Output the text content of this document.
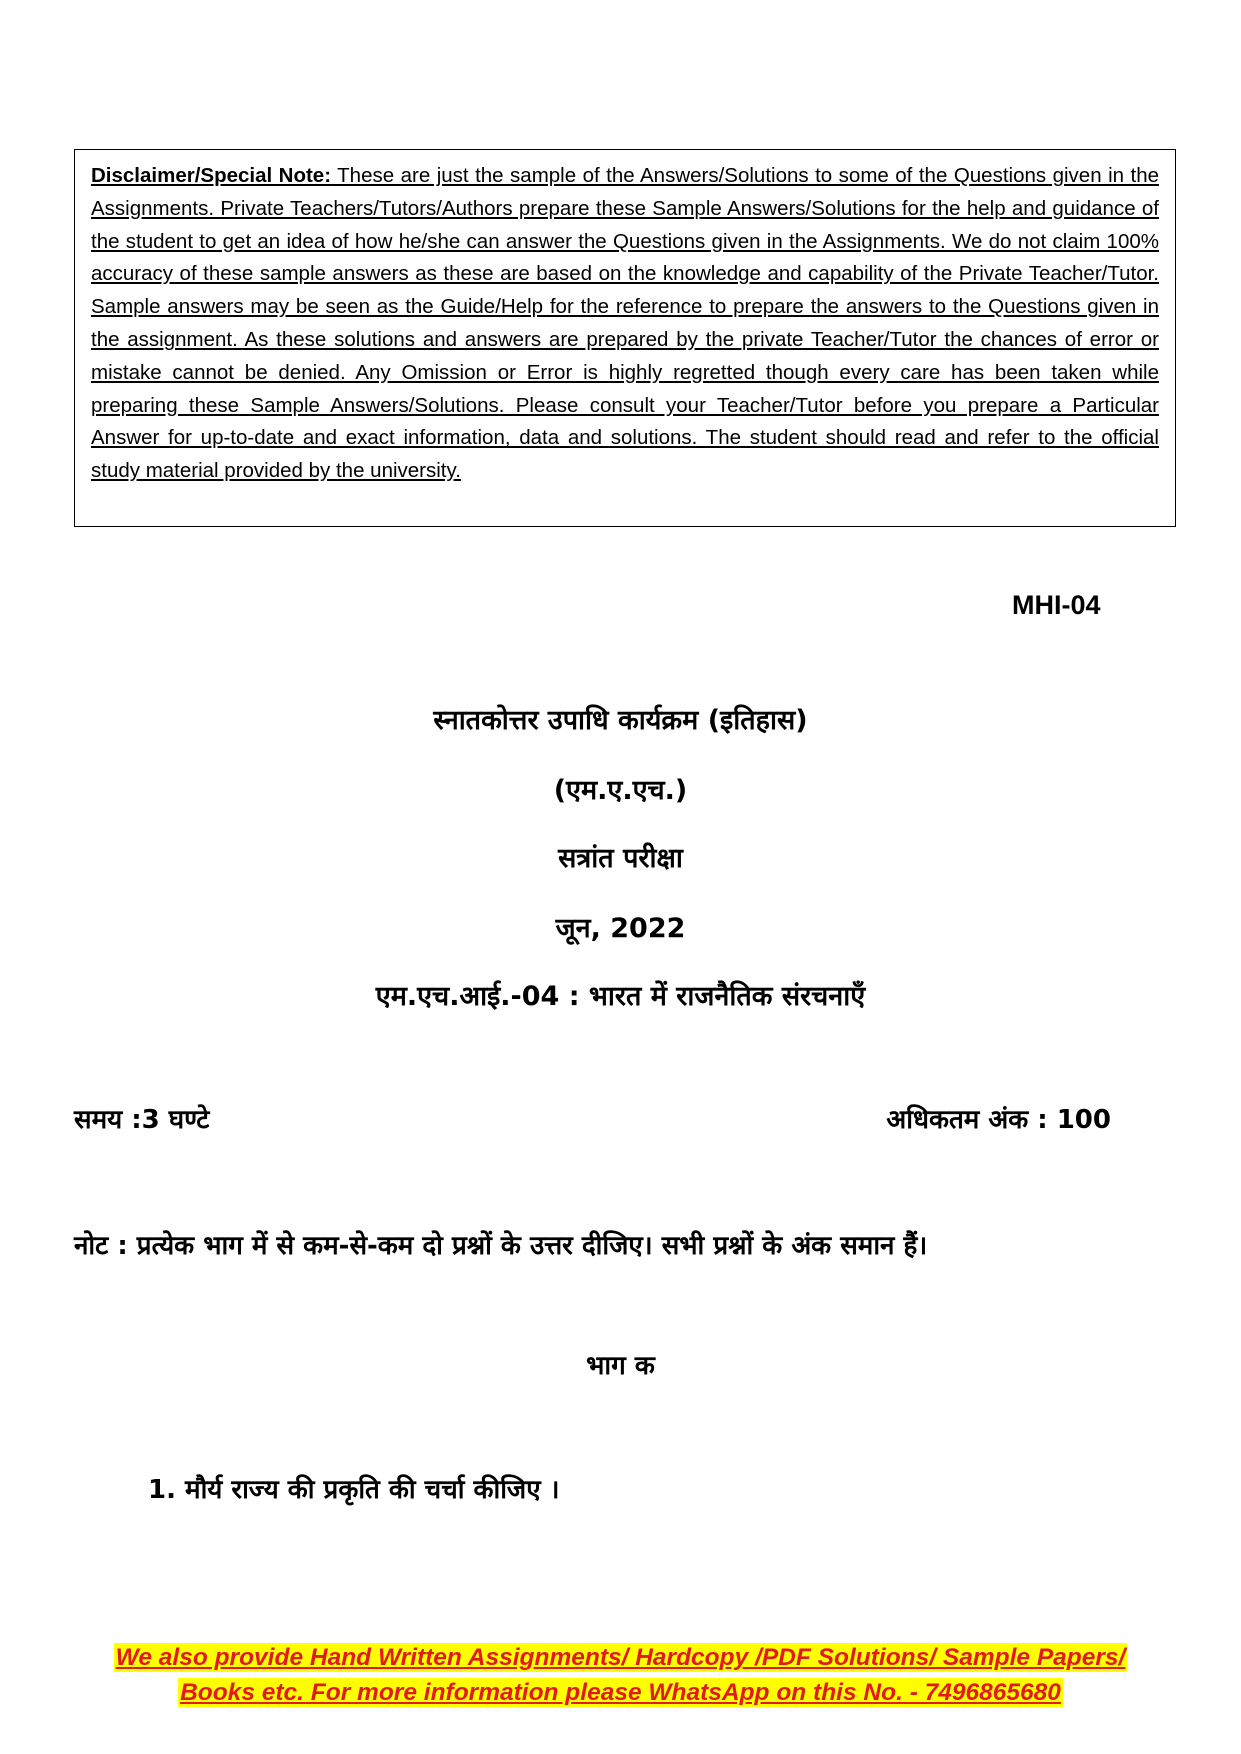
Disclaimer/Special Note: These are just the sample of the Answers/Solutions to some of the Questions given in the Assignments. Private Teachers/Tutors/Authors prepare these Sample Answers/Solutions for the help and guidance of the student to get an idea of how he/she can answer the Questions given in the Assignments. We do not claim 100% accuracy of these sample answers as these are based on the knowledge and capability of the Private Teacher/Tutor. Sample answers may be seen as the Guide/Help for the reference to prepare the answers to the Questions given in the assignment. As these solutions and answers are prepared by the private Teacher/Tutor the chances of error or mistake cannot be denied. Any Omission or Error is highly regretted though every care has been taken while preparing these Sample Answers/Solutions. Please consult your Teacher/Tutor before you prepare a Particular Answer for up-to-date and exact information, data and solutions. The student should read and refer to the official study material provided by the university.
MHI-04
स्नातकोत्तर उपाधि कार्यक्रम (इतिहास)
(एम.ए.एच.)
सत्रांत परीक्षा
जून, 2022
एम.एच.आई.-04 : भारत में राजनैतिक संरचनाएँ
समय :3 घण्टे	अधिकतम अंक : 100
नोट : प्रत्येक भाग में से कम-से-कम दो प्रश्नों के उत्तर दीजिए। सभी प्रश्नों के अंक समान हैं।
भाग क
1. मौर्य राज्य की प्रकृति की चर्चा कीजिए ।
We also provide Hand Written Assignments/ Hardcopy /PDF Solutions/ Sample Papers/
Books etc. For more information please WhatsApp on this No. - 7496865680
